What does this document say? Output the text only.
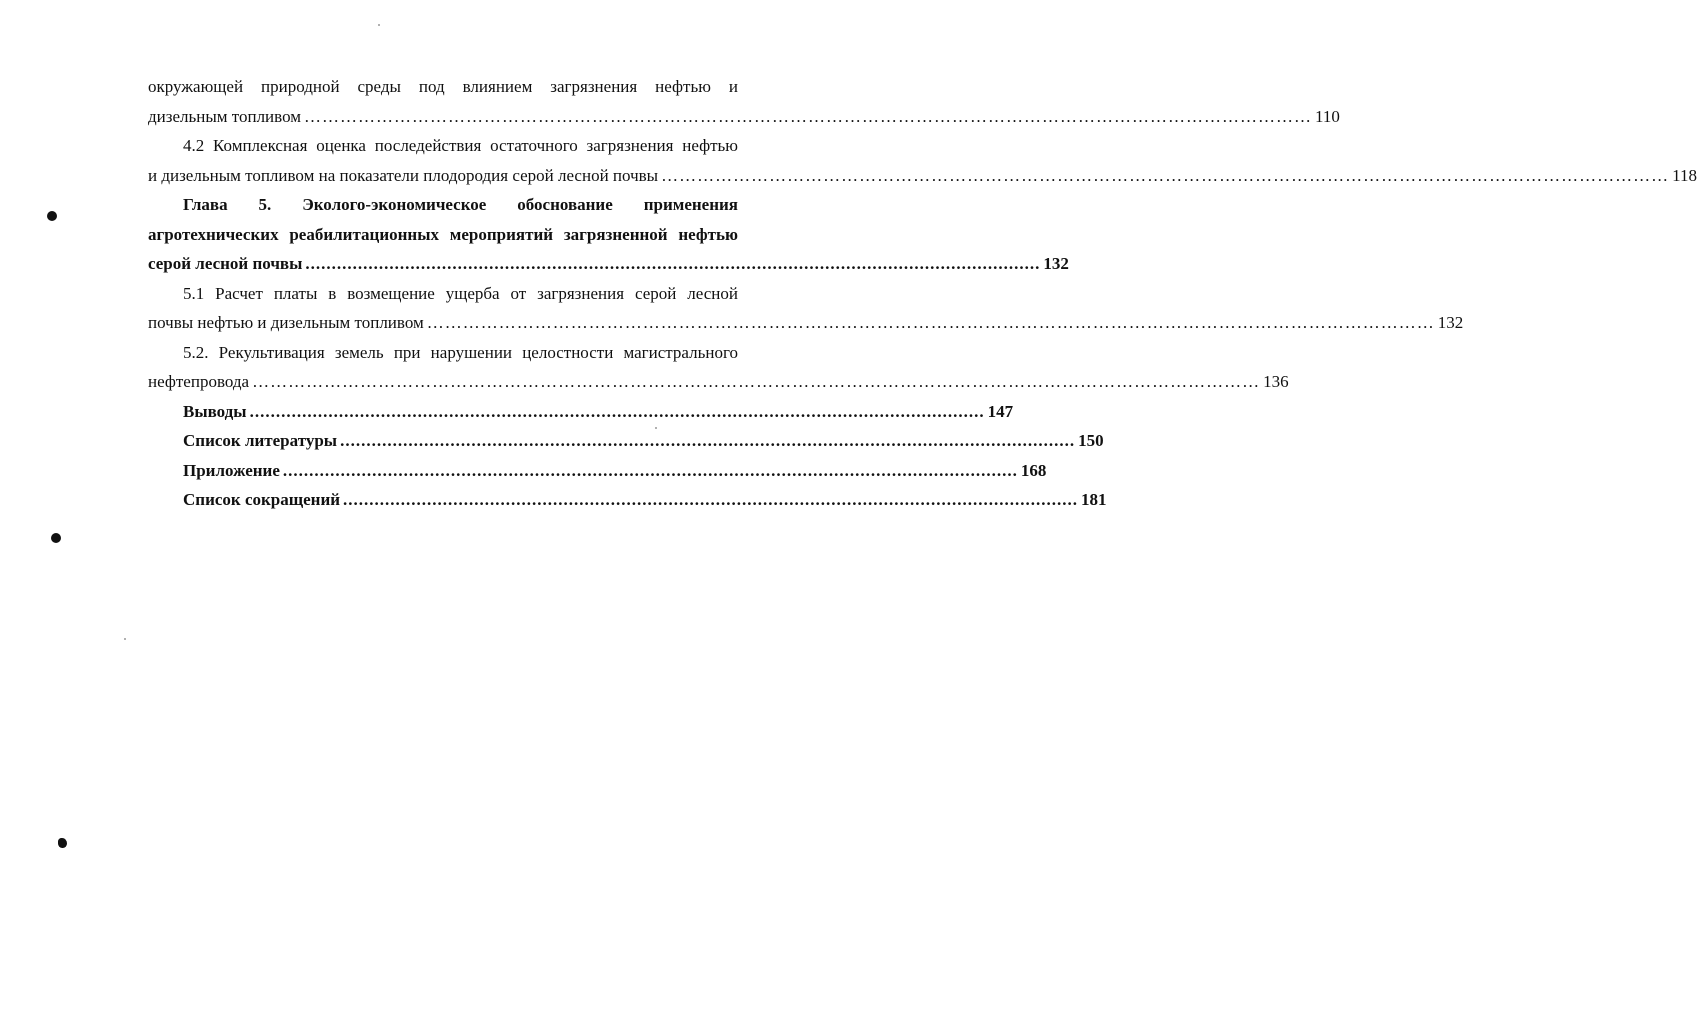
окружающей природной среды под влиянием загрязнения нефтью и
дизельным топливом …………………………………………………………………………………………………………………………………………………… 110
4.2 Комплексная оценка последействия остаточного загрязнения нефтью
и дизельным топливом на показатели плодородия серой лесной почвы …………………………………………………………………………………………………………………………………………………… 118
Глава 5. Эколого-экономическое обоснование применения
агротехнических реабилитационных мероприятий загрязненной нефтью
серой лесной почвы ............................................................................................................................................ 132
5.1 Расчет платы в возмещение ущерба от загрязнения серой лесной
почвы нефтью и дизельным топливом …………………………………………………………………………………………………………………………………………………… 132
5.2. Рекультивация земель при нарушении целостности магистрального
нефтепровода …………………………………………………………………………………………………………………………………………………… 136
Выводы ............................................................................................................................................ 147
Список литературы ............................................................................................................................................ 150
Приложение ............................................................................................................................................ 168
Список сокращений ............................................................................................................................................ 181
